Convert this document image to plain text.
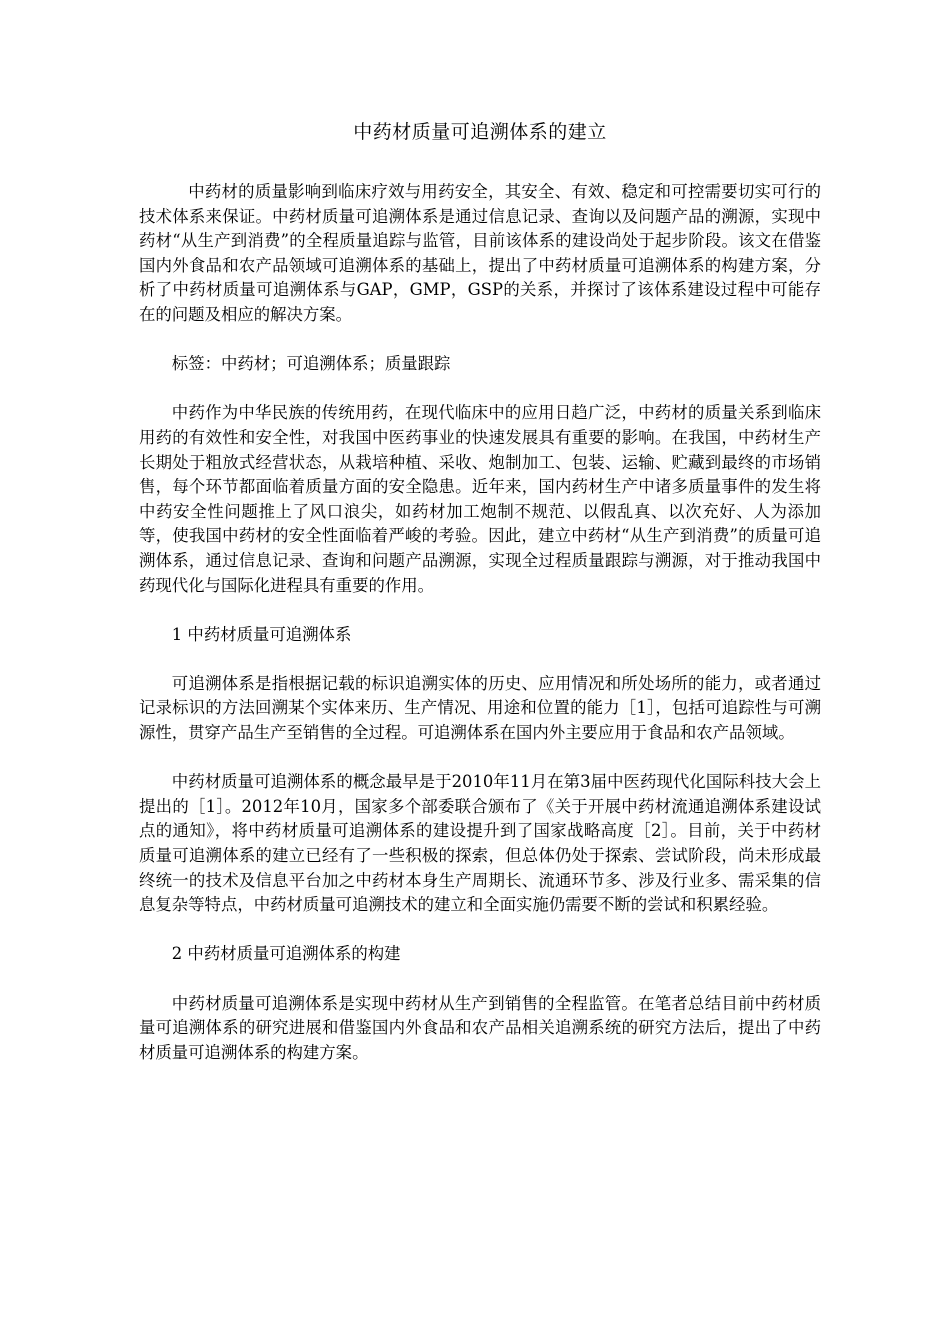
中药材质量可追溯体系的建立

中药材的质量影响到临床疗效与用药安全，其安全、有效、稳定和可控需要切实可行的技术体系来保证。中药材质量可追溯体系是通过信息记录、查询以及问题产品的溯源，实现中药材“从生产到消费”的全程质量追踪与监管，目前该体系的建设尚处于起步阶段。该文在借鉴国内外食品和农产品领域可追溯体系的基础上，提出了中药材质量可追溯体系的构建方案，分析了中药材质量可追溯体系与GAP，GMP，GSP的关系，并探讨了该体系建设过程中可能存在的问题及相应的解决方案。

标签：中药材；可追溯体系；质量跟踪

中药作为中华民族的传统用药，在现代临床中的应用日趋广泛，中药材的质量关系到临床用药的有效性和安全性，对我国中医药事业的快速发展具有重要的影响。在我国，中药材生产长期处于粗放式经营状态，从栽培种植、采收、炮制加工、包装、运输、贮藏到最终的市场销售，每个环节都面临着质量方面的安全隐患。近年来，国内药材生产中诸多质量事件的发生将中药安全性问题推上了风口浪尖，如药材加工炮制不规范、以假乱真、以次充好、人为添加等，使我国中药材的安全性面临着严峻的考验。因此，建立中药材“从生产到消费”的质量可追溯体系，通过信息记录、查询和问题产品溯源，实现全过程质量跟踪与溯源，对于推动我国中药现代化与国际化进程具有重要的作用。

1 中药材质量可追溯体系

可追溯体系是指根据记载的标识追溯实体的历史、应用情况和所处场所的能力，或者通过记录标识的方法回溯某个实体来历、生产情况、用途和位置的能力［1］，包括可追踪性与可溯源性，贯穿产品生产至销售的全过程。可追溯体系在国内外主要应用于食品和农产品领域。

中药材质量可追溯体系的概念最早是于2010年11月在第3届中医药现代化国际科技大会上提出的［1］。2012年10月，国家多个部委联合颁布了《关于开展中药材流通追溯体系建设试点的通知》，将中药材质量可追溯体系的建设提升到了国家战略高度［2］。目前，关于中药材质量可追溯体系的建立已经有了一些积极的探索，但总体仍处于探索、尝试阶段，尚未形成最终统一的技术及信息平台加之中药材本身生产周期长、流通环节多、涉及行业多、需采集的信息复杂等特点，中药材质量可追溯技术的建立和全面实施仍需要不断的尝试和积累经验。

2 中药材质量可追溯体系的构建

中药材质量可追溯体系是实现中药材从生产到销售的全程监管。在笔者总结目前中药材质量可追溯体系的研究进展和借鉴国内外食品和农产品相关追溯系统的研究方法后，提出了中药材质量可追溯体系的构建方案。
